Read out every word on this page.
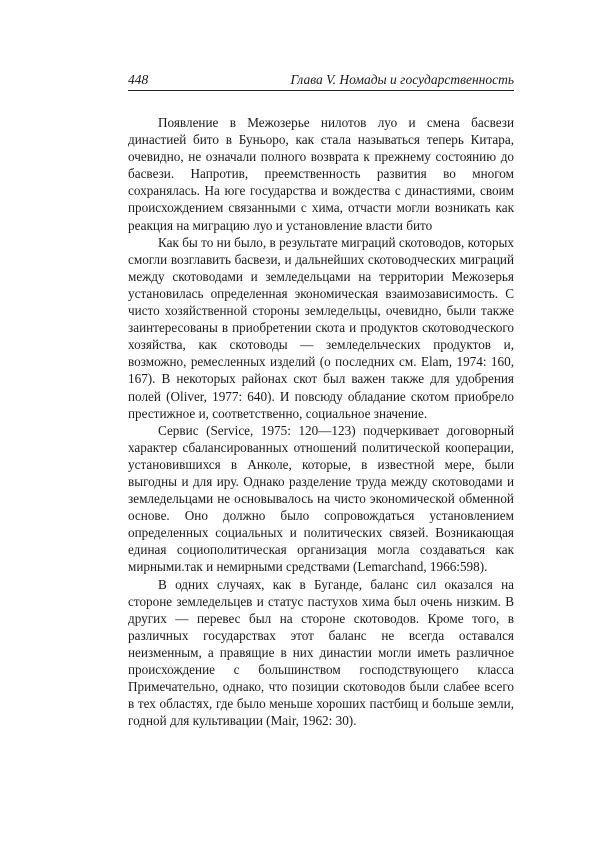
448	Глава V. Номады и государственность

Появление в Межозерье нилотов луо и смена басвези династией бито в Буньоро, как стала называться теперь Китара, очевидно, не означали полного возврата к прежнему состоянию до басвези. Напротив, преемственность развития во многом сохранялась. На юге государства и вождества с династиями, своим происхождением связанными с хима, отчасти могли возникать как реакция на миграцию луо и установление власти бито

Как бы то ни было, в результате миграций скотоводов, которых смогли возглавить басвези, и дальнейших скотоводческих миграций между скотоводами и земледельцами на территории Межозерья установилась определенная экономическая взаимозависимость. С чисто хозяйственной стороны земледельцы, очевидно, были также заинтересованы в приобретении скота и продуктов скотоводческого хозяйства, как скотоводы — земледельческих продуктов и, возможно, ремесленных изделий (о последних см. Elam, 1974: 160, 167). В некоторых районах скот был важен также для удобрения полей (Oliver, 1977: 640). И повсюду обладание скотом приобрело престижное и, соответственно, социальное значение.

Сервис (Service, 1975: 120—123) подчеркивает договорный характер сбалансированных отношений политической кооперации, установившихся в Анколе, которые, в известной мере, были выгодны и для иру. Однако разделение труда между скотоводами и земледельцами не основывалось на чисто экономической обменной основе. Оно должно было сопровождаться установлением определенных социальных и политических связей. Возникающая единая социополитическая организация могла создаваться как мирными.так и немирными средствами (Lemarchand, 1966:598).

В одних случаях, как в Буганде, баланс сил оказался на стороне земледельцев и статус пастухов хима был очень низким. В других — перевес был на стороне скотоводов. Кроме того, в различных государствах этот баланс не всегда оставался неизменным, а правящие в них династии могли иметь различное происхождение с большинством господствующего класса Примечательно, однако, что позиции скотоводов были слабее всего в тех областях, где было меньше хороших пастбищ и больше земли, годной для культивации (Mair, 1962: 30).
